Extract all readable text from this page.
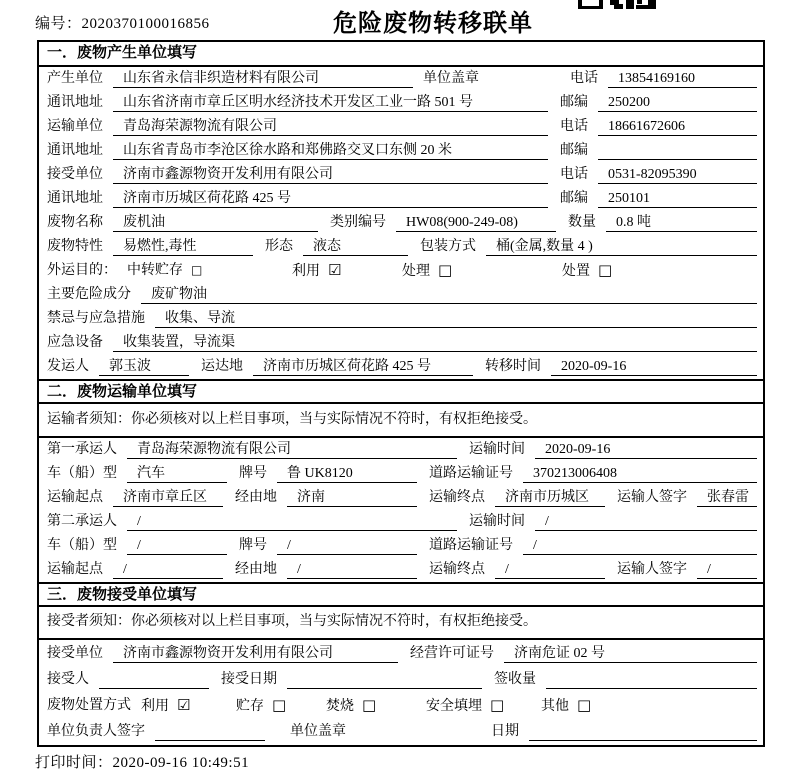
编号：2020370100016856	危险废物转移联单
一．废物产生单位填写
产生单位	山东省永信非织造材料有限公司	单位盖章	电话	13854169160
通讯地址	山东省济南市章丘区明水经济技术开发区工业一路 501 号	邮编	250200
运输单位	青岛海荣源物流有限公司	电话	18661672606
通讯地址	山东省青岛市李沧区徐水路和郑佛路交叉口东侧 20 米	邮编
接受单位	济南市鑫源物资开发利用有限公司	电话	0531-82095390
通讯地址	济南市历城区荷花路 425 号	邮编	250101
废物名称	废机油	类别编号	HW08(900-249-08)	数量	0.8 吨
废物特性	易燃性,毒性	形态	液态	包装方式	桶(金属,数量 4 )
外运目的： 中转贮存 □	利用 ☑	处理 □	处置 □
主要危险成分	废矿物油
禁忌与应急措施	收集、导流
应急设备	收集装置，导流渠
发运人	郭玉波	运达地	济南市历城区荷花路 425 号	转移时间	2020-09-16
二．废物运输单位填写
运输者须知：你必须核对以上栏目事项，当与实际情况不符时，有权拒绝接受。
第一承运人	青岛海荣源物流有限公司	运输时间	2020-09-16
车（船）型	汽车	牌号	鲁 UK8120	道路运输证号	370213006408
运输起点	济南市章丘区	经由地	济南	运输终点	济南市历城区	运输人签字	张春雷
第二承运人	/	运输时间	/
车（船）型	/	牌号	/	道路运输证号	/
运输起点	/	经由地	/	运输终点	/	运输人签字	/
三．废物接受单位填写
接受者须知：你必须核对以上栏目事项，当与实际情况不符时，有权拒绝接受。
接受单位	济南市鑫源物资开发利用有限公司	经营许可证号	济南危证 02 号
接受人	接受日期	签收量
废物处置方式 利用 ☑	贮存 □	焚烧 □	安全填埋 □	其他 □
单位负责人签字	单位盖章	日期
打印时间：2020-09-16 10:49:51
